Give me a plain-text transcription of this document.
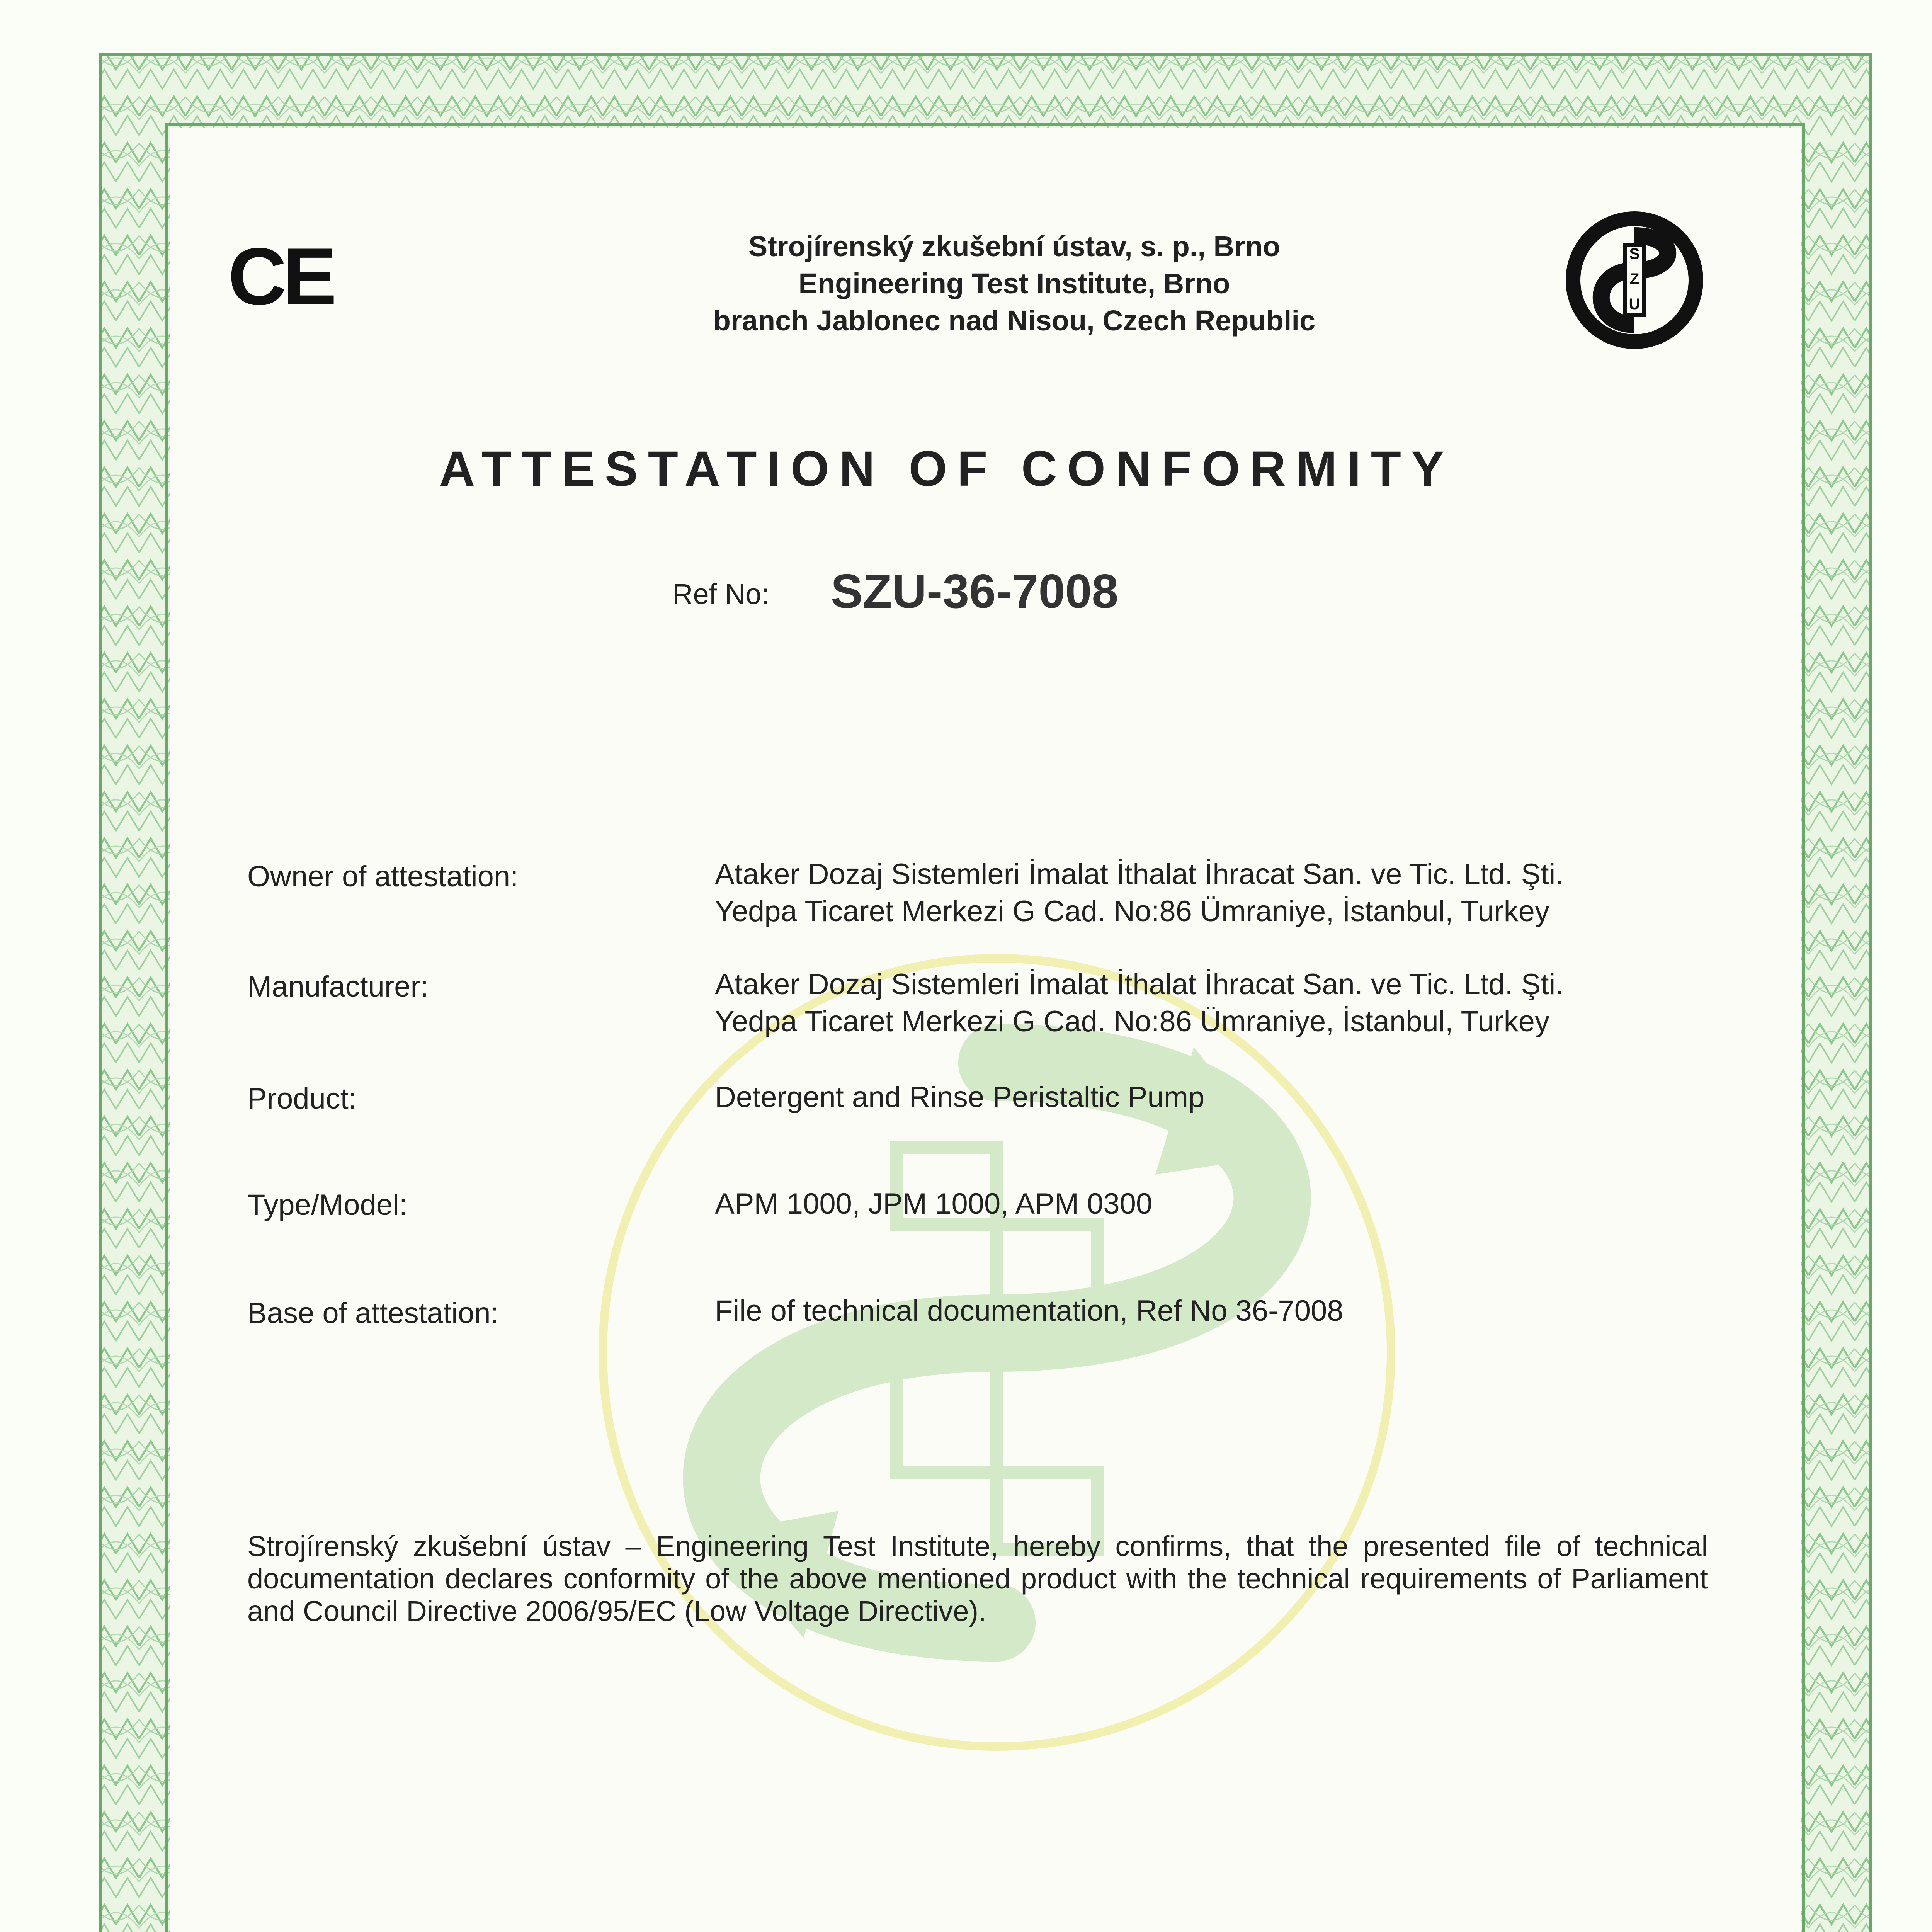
CE	S
Z
U
Strojírenský zkušební ústav, s. p., Brno
Engineering Test Institute, Brno
branch Jablonec nad Nisou, Czech Republic
ATTESTATION OF CONFORMITY
Ref No: SZU-36-7008
Owner of attestation:	Ataker Dozaj Sistemleri İmalat İthalat İhracat San. ve Tic. Ltd. Şti.
Yedpa Ticaret Merkezi G Cad. No:86 Ümraniye, İstanbul, Turkey
Manufacturer:	Ataker Dozaj Sistemleri İmalat İthalat İhracat San. ve Tic. Ltd. Şti.
Yedpa Ticaret Merkezi G Cad. No:86 Ümraniye, İstanbul, Turkey
Product:	Detergent and Rinse Peristaltic Pump
Type/Model:	APM 1000, JPM 1000, APM 0300
Base of attestation:	File of technical documentation, Ref No 36-7008
Strojírenský zkušební ústav – Engineering Test Institute, hereby confirms, that the presented file of technical documentation declares conformity of the above mentioned product with the technical requirements of Parliament and Council Directive 2006/95/EC (Low Voltage Directive).
